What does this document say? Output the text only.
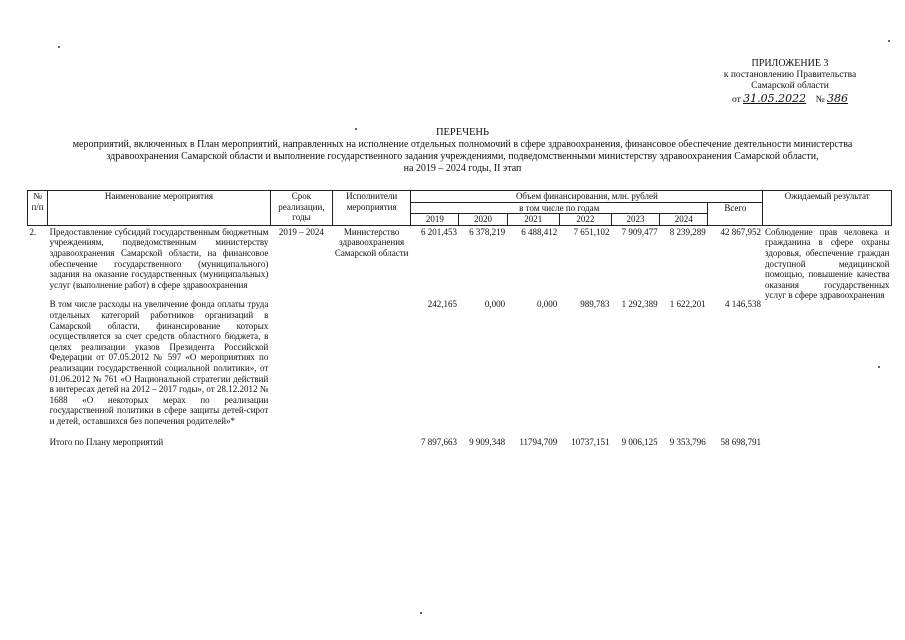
ПРИЛОЖЕНИЕ 3
к постановлению Правительства
Самарской области
от 31.05.2022 № 386
ПЕРЕЧЕНЬ
мероприятий, включенных в План мероприятий, направленных на исполнение отдельных полномочий в сфере здравоохранения, финансовое обеспечение деятельности министерства
здравоохранения Самарской области и выполнение государственного задания учреждениями, подведомственными министерству здравоохранения Самарской области,
на 2019 – 2024 годы, II этап
№ п/п	Наименование мероприятия	Срок реализации, годы	Исполнители мероприятия	Объем финансирования, млн. рублей							Ожидаемый результат
				в том числе по годам						Всего	
				2019	2020	2021	2022	2023	2024		
2.	Предоставление субсидий государственным бюджетным учреждениям, подведомственным министерству здравоохранения Самарской области, на финансовое обеспечение государственного (муниципального) задания на оказание государственных (муниципальных) услуг (выполнение работ) в сфере здравоохранения	2019 – 2024	Министерство здравоохранения Самарской области	6 201,453	6 378,219	6 488,412	7 651,102	7 909,477	8 239,289	42 867,952	Соблюдение прав человека и гражданина в сфере охраны здоровья, обеспечение граждан доступной медицинской помощью, повышение качества оказания государственных услуг в сфере здравоохранения
	В том числе расходы на увеличение фонда оплаты труда отдельных категорий работников организаций в Самарской области, финансирование которых осуществляется за счет средств областного бюджета, в целях реализации указов Президента Российской Федерации от 07.05.2012 № 597 «О мероприятиях по реализации государственной социальной политики», от 01.06.2012 № 761 «О Национальной стратегии действий в интересах детей на 2012 – 2017 годы», от 28.12.2012 № 1688 «О некоторых мерах по реализации государственной политики в сфере защиты детей-сирот и детей, оставшихся без попечения родителей»*			242,165	0,000	0,000	989,783	1 292,389	1 622,201	4 146,538	
	Итого по Плану мероприятий			7 897,663	9 909,348	11794,709	10737,151	9 006,125	9 353,796	58 698,791	
